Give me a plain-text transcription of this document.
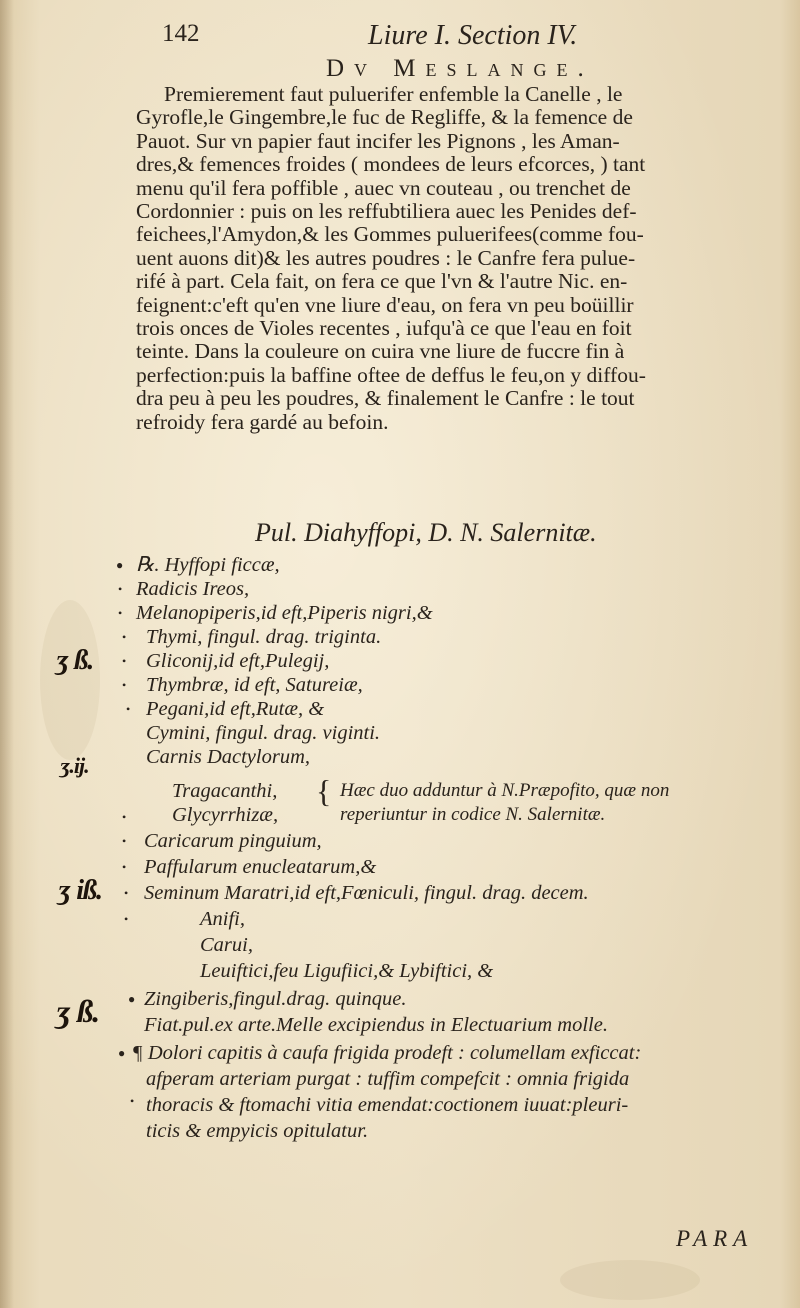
142	Liure I. Section IV.
Dv Meslange.
Premierement faut puluerifer enfemble la Canelle , le
Gyrofle,le Gingembre,le fuc de Regliffe, & la femence de
Pauot. Sur vn papier faut incifer les Pignons , les Aman-
dres,& femences froides ( mondees de leurs efcorces, ) tant
menu qu'il fera poffible , auec vn couteau , ou trenchet de
Cordonnier : puis on les reffubtiliera auec les Penides def-
feichees,l'Amydon,& les Gommes puluerifees(comme fou-
uent auons dit)& les autres poudres : le Canfre fera pulue-
rifé à part. Cela fait, on fera ce que l'vn & l'autre Nic. en-
feignent:c'eft qu'en vne liure d'eau, on fera vn peu boüillir
trois onces de Violes recentes , iufqu'à ce que l'eau en foit
teinte. Dans la couleure on cuira vne liure de fuccre fin à
perfection:puis la baffine oftee de deffus le feu,on y diffou-
dra peu à peu les poudres, & finalement le Canfre : le tout
refroidy fera gardé au befoin.
Pul. Diahyffopi, D. N. Salernitæ.
● ℞. Hyffopi ficcæ,
• Radicis Ireos,
• Melanopiperis,id eft,Piperis nigri,&
ʒ ß.
• Thymi, fingul. drag. triginta.
• Gliconij,id eft,Pulegij,
• Thymbræ, id eft, Satureiæ,
• Pegani,id eft,Rutæ, &
ʒ.ij.
Cymini, fingul. drag. viginti.
Carnis Dactylorum,
Tragacanthi, { Hæc duo adduntur à N.Præpofito, quæ non
• Glycyrrhizæ,	reperiuntur in codice N. Salernitæ.
• Caricarum pinguium,
• Paffularum enucleatarum,&
ʒ iß. • Seminum Maratri,id eft,Fœniculi, fingul. drag. decem.
•	Anifi,
Carui,
Leuiftici,feu Ligufiici,& Lybiftici, &
ʒ ß. ● Zingiberis,fingul.drag. quinque.
Fiat.pul.ex arte.Melle excipiendus in Electuarium molle.
● ¶ Dolori capitis à caufa frigida prodeft : columellam exficcat:
afperam arteriam purgat : tuffim compefcit : omnia frigida
• thoracis & ftomachi vitia emendat:coctionem iuuat:pleuri-
ticis & empyicis opitulatur.
PARA
